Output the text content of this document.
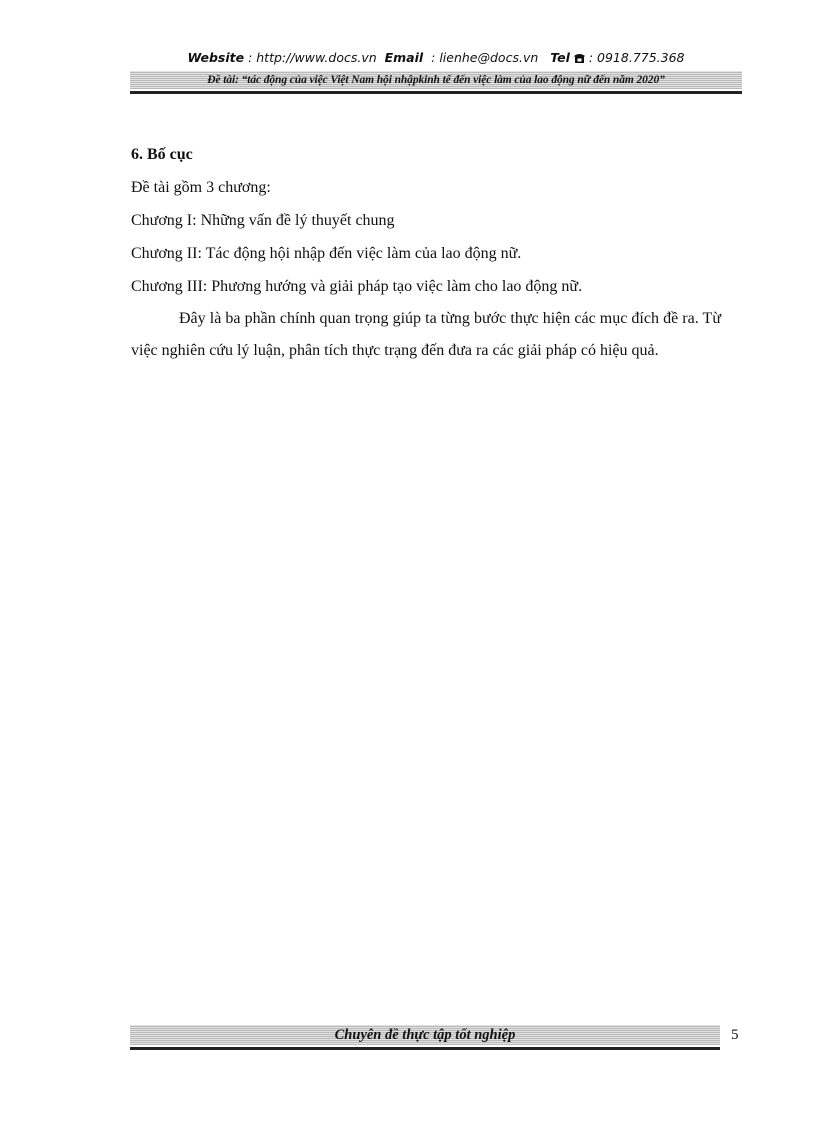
Website : http://www.docs.vn Email : lienhe@docs.vn Tel : 0918.775.368
Đề tài: “tác động của việc Việt Nam hội nhậpkinh tế đến việc làm của lao động nữ đến năm 2020”
6. Bố cục
Đề tài gồm 3 chương:
Chương I: Những vấn đề lý thuyết chung
Chương II: Tác động hội nhập đến việc làm của lao động nữ.
Chương III: Phương hướng và giải pháp tạo việc làm cho lao động nữ.
Đây là ba phần chính quan trọng giúp ta từng bước thực hiện các mục đích đề ra. Từ việc nghiên cứu lý luận, phân tích thực trạng đến đưa ra các giải pháp có hiệu quả.
Chuyên đề thực tập tốt nghiệp	5
